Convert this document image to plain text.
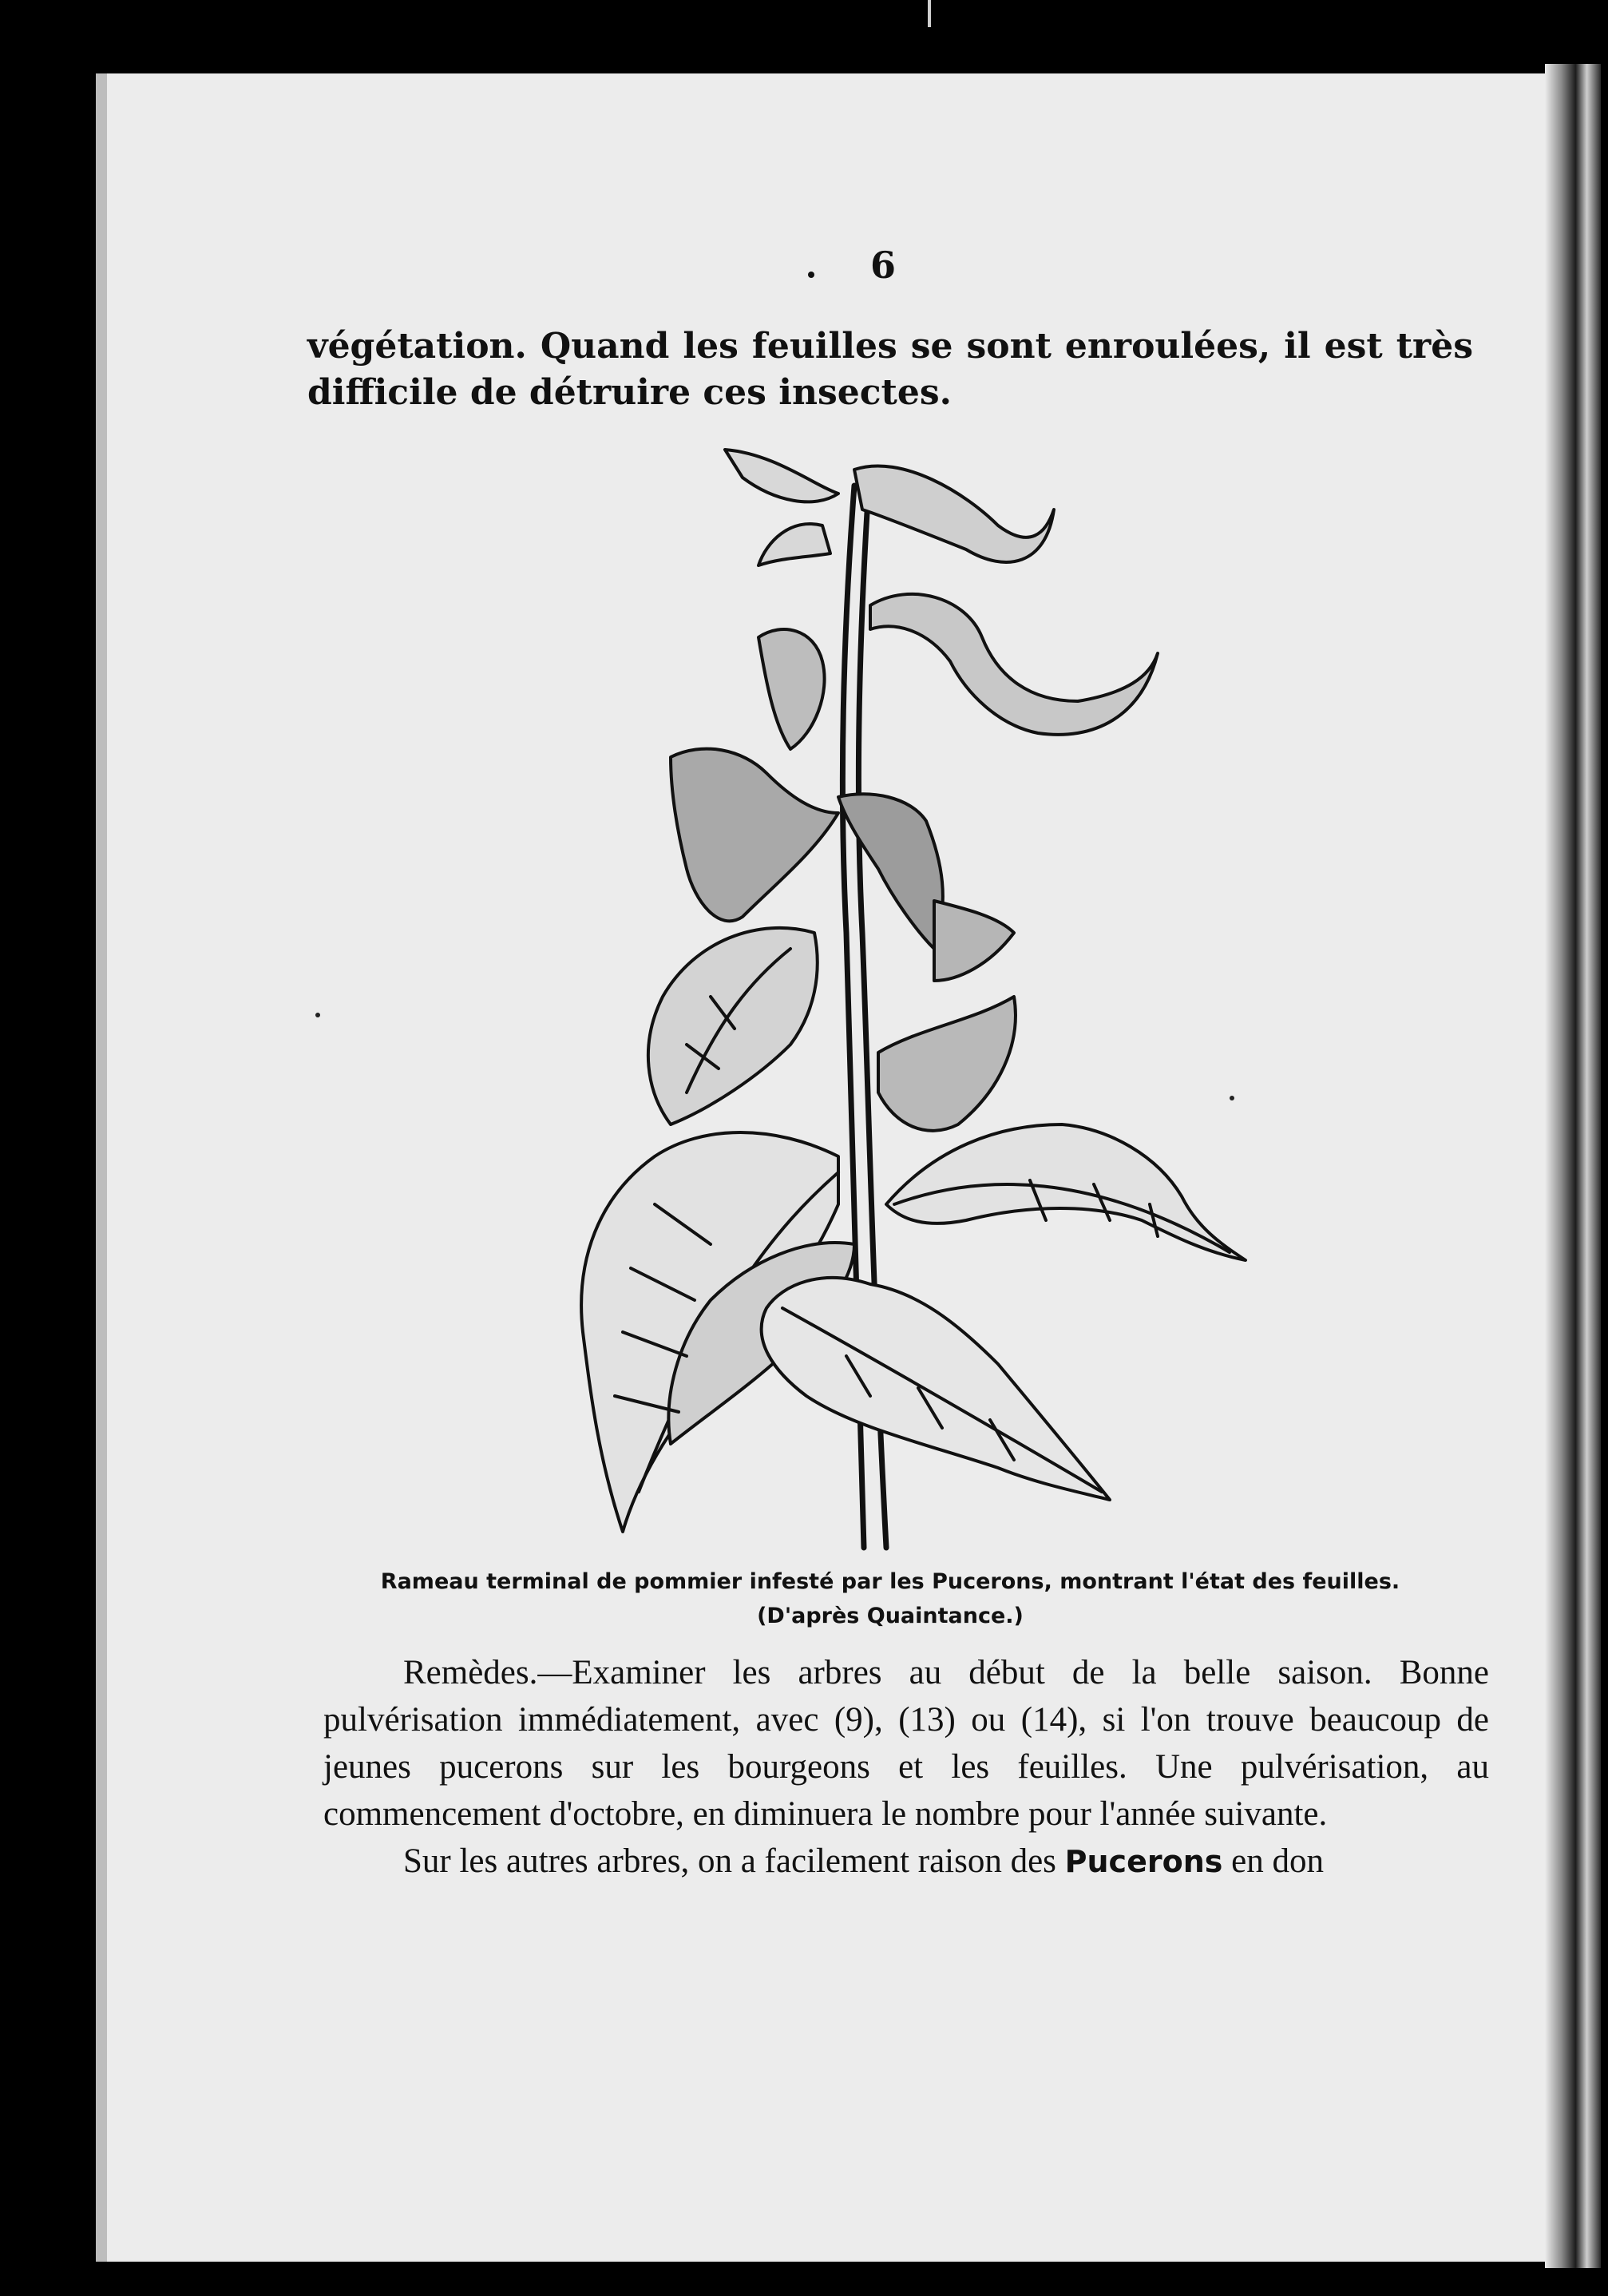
6
végétation. Quand les feuilles se sont enroulées, il est très difficile de détruire ces insectes.
Rameau terminal de pommier infesté par les Pucerons, montrant l'état des feuilles.
(D'après Quaintance.)

Remèdes.—Examiner les arbres au début de la belle saison. Bonne pulvérisation immédiatement, avec (9), (13) ou (14), si l'on trouve beaucoup de jeunes pucerons sur les bourgeons et les feuilles. Une pulvérisation, au commencement d'octobre, en diminuera le nombre pour l'année suivante.

Sur les autres arbres, on a facilement raison des Pucerons en don
